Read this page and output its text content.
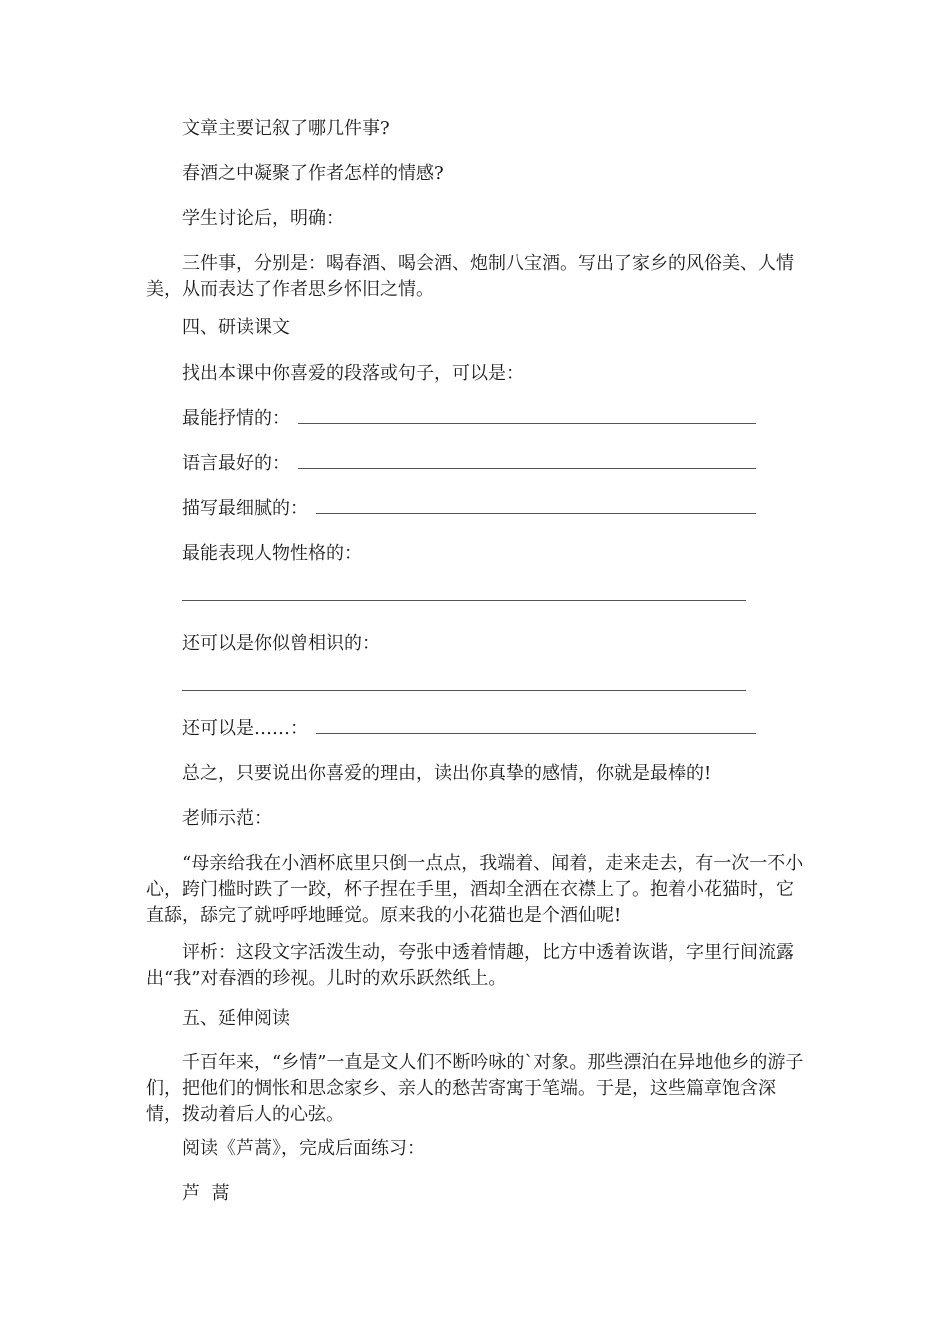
文章主要记叙了哪几件事?
春酒之中凝聚了作者怎样的情感?
学生讨论后，明确：
三件事，分别是：喝春酒、喝会酒、炮制八宝酒。写出了家乡的风俗美、人情美，从而表达了作者思乡怀旧之情。
四、研读课文
找出本课中你喜爱的段落或句子，可以是：
最能抒情的：
语言最好的：
描写最细腻的：
最能表现人物性格的：
还可以是你似曾相识的：
还可以是……：
总之，只要说出你喜爱的理由，读出你真挚的感情，你就是最棒的!
老师示范：
“母亲给我在小酒杯底里只倒一点点，我端着、闻着，走来走去，有一次一不小心，跨门槛时跌了一跤，杯子捏在手里，酒却全洒在衣襟上了。抱着小花猫时，它直舔，舔完了就呼呼地睡觉。原来我的小花猫也是个酒仙呢!
评析：这段文字活泼生动，夸张中透着情趣，比方中透着诙谐，字里行间流露出“我”对春酒的珍视。儿时的欢乐跃然纸上。
五、延伸阅读
千百年来，“乡情”一直是文人们不断吟咏的`对象。那些漂泊在异地他乡的游子们，把他们的惆怅和思念家乡、亲人的愁苦寄寓于笔端。于是，这些篇章饱含深情，拨动着后人的心弦。
阅读《芦蒿》，完成后面练习：
芦  蒿
